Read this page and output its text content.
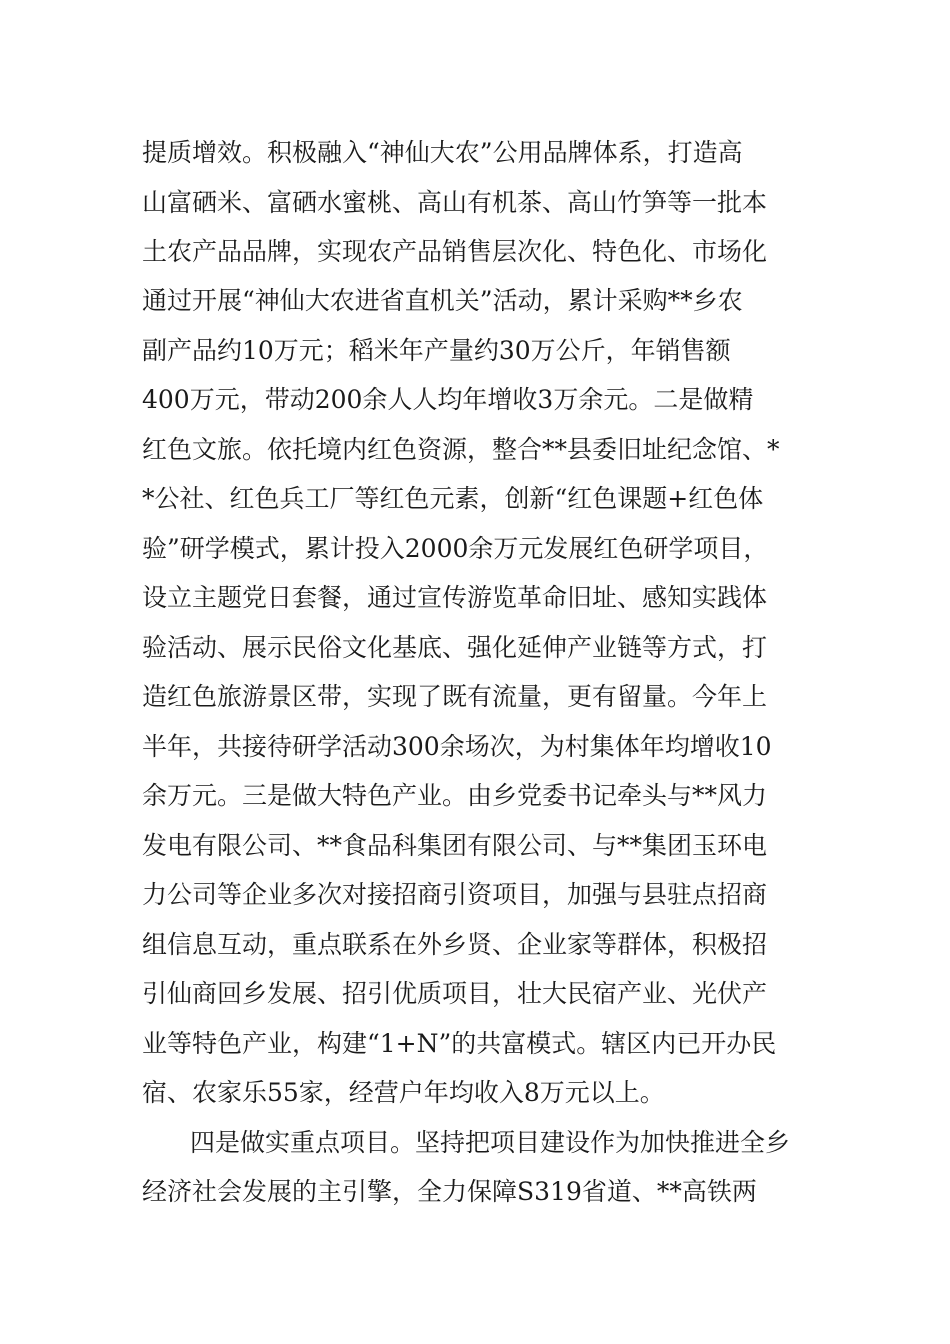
提质增效。积极融入“神仙大农”公用品牌体系，打造高
山富硒米、富硒水蜜桃、高山有机茶、高山竹笋等一批本
土农产品品牌，实现农产品销售层次化、特色化、市场化
通过开展“神仙大农进省直机关”活动，累计采购**乡农
副产品约10万元；稻米年产量约30万公斤，年销售额
400万元，带动200余人人均年增收3万余元。二是做精
红色文旅。依托境内红色资源，整合**县委旧址纪念馆、*
*公社、红色兵工厂等红色元素，创新“红色课题+红色体
验”研学模式，累计投入2000余万元发展红色研学项目，
设立主题党日套餐，通过宣传游览革命旧址、感知实践体
验活动、展示民俗文化基底、强化延伸产业链等方式，打
造红色旅游景区带，实现了既有流量，更有留量。今年上
半年，共接待研学活动300余场次，为村集体年均增收10
余万元。三是做大特色产业。由乡党委书记牵头与**风力
发电有限公司、**食品科集团有限公司、与**集团玉环电
力公司等企业多次对接招商引资项目，加强与县驻点招商
组信息互动，重点联系在外乡贤、企业家等群体，积极招
引仙商回乡发展、招引优质项目，壮大民宿产业、光伏产
业等特色产业，构建“1+N”的共富模式。辖区内已开办民
宿、农家乐55家，经营户年均收入8万元以上。
四是做实重点项目。坚持把项目建设作为加快推进全乡
经济社会发展的主引擎，全力保障S319省道、**高铁两
